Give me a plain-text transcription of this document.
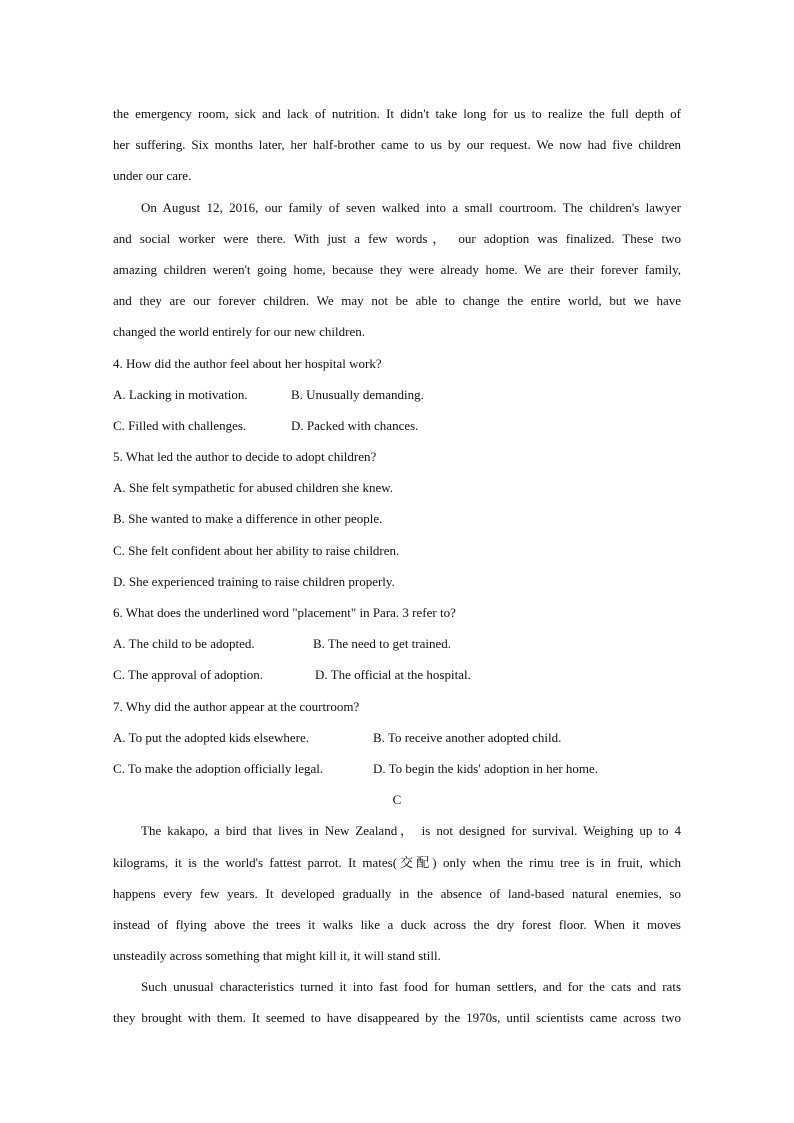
the emergency room, sick and lack of nutrition. It didn't take long for us to realize the full depth of
her suffering. Six months later, her half-brother came to us by our request. We now had five children
under our care.
On August 12, 2016, our family of seven walked into a small courtroom. The children's lawyer
and social worker were there. With just a few words， our adoption was finalized. These two
amazing children weren't going home, because they were already home. We are their forever family,
and they are our forever children. We may not be able to change the entire world, but we have
changed the world entirely for our new children.
4. How did the author feel about her hospital work?
A. Lacking in motivation.	B. Unusually demanding.
C. Filled with challenges.	D. Packed with chances.
5. What led the author to decide to adopt children?
A. She felt sympathetic for abused children she knew.
B. She wanted to make a difference in other people.
C. She felt confident about her ability to raise children.
D. She experienced training to raise children properly.
6. What does the underlined word "placement" in Para. 3 refer to?
A. The child to be adopted.	B. The need to get trained.
C. The approval of adoption.	D. The official at the hospital.
7. Why did the author appear at the courtroom?
A. To put the adopted kids elsewhere.	B. To receive another adopted child.
C. To make the adoption officially legal.	D. To begin the kids' adoption in her home.
C
The kakapo, a bird that lives in New Zealand， is not designed for survival. Weighing up to 4
kilograms, it is the world's fattest parrot. It mates(交配) only when the rimu tree is in fruit, which
happens every few years. It developed gradually in the absence of land-based natural enemies, so
instead of flying above the trees it walks like a duck across the dry forest floor. When it moves
unsteadily across something that might kill it, it will stand still.
Such unusual characteristics turned it into fast food for human settlers, and for the cats and rats
they brought with them. It seemed to have disappeared by the 1970s, until scientists came across two
